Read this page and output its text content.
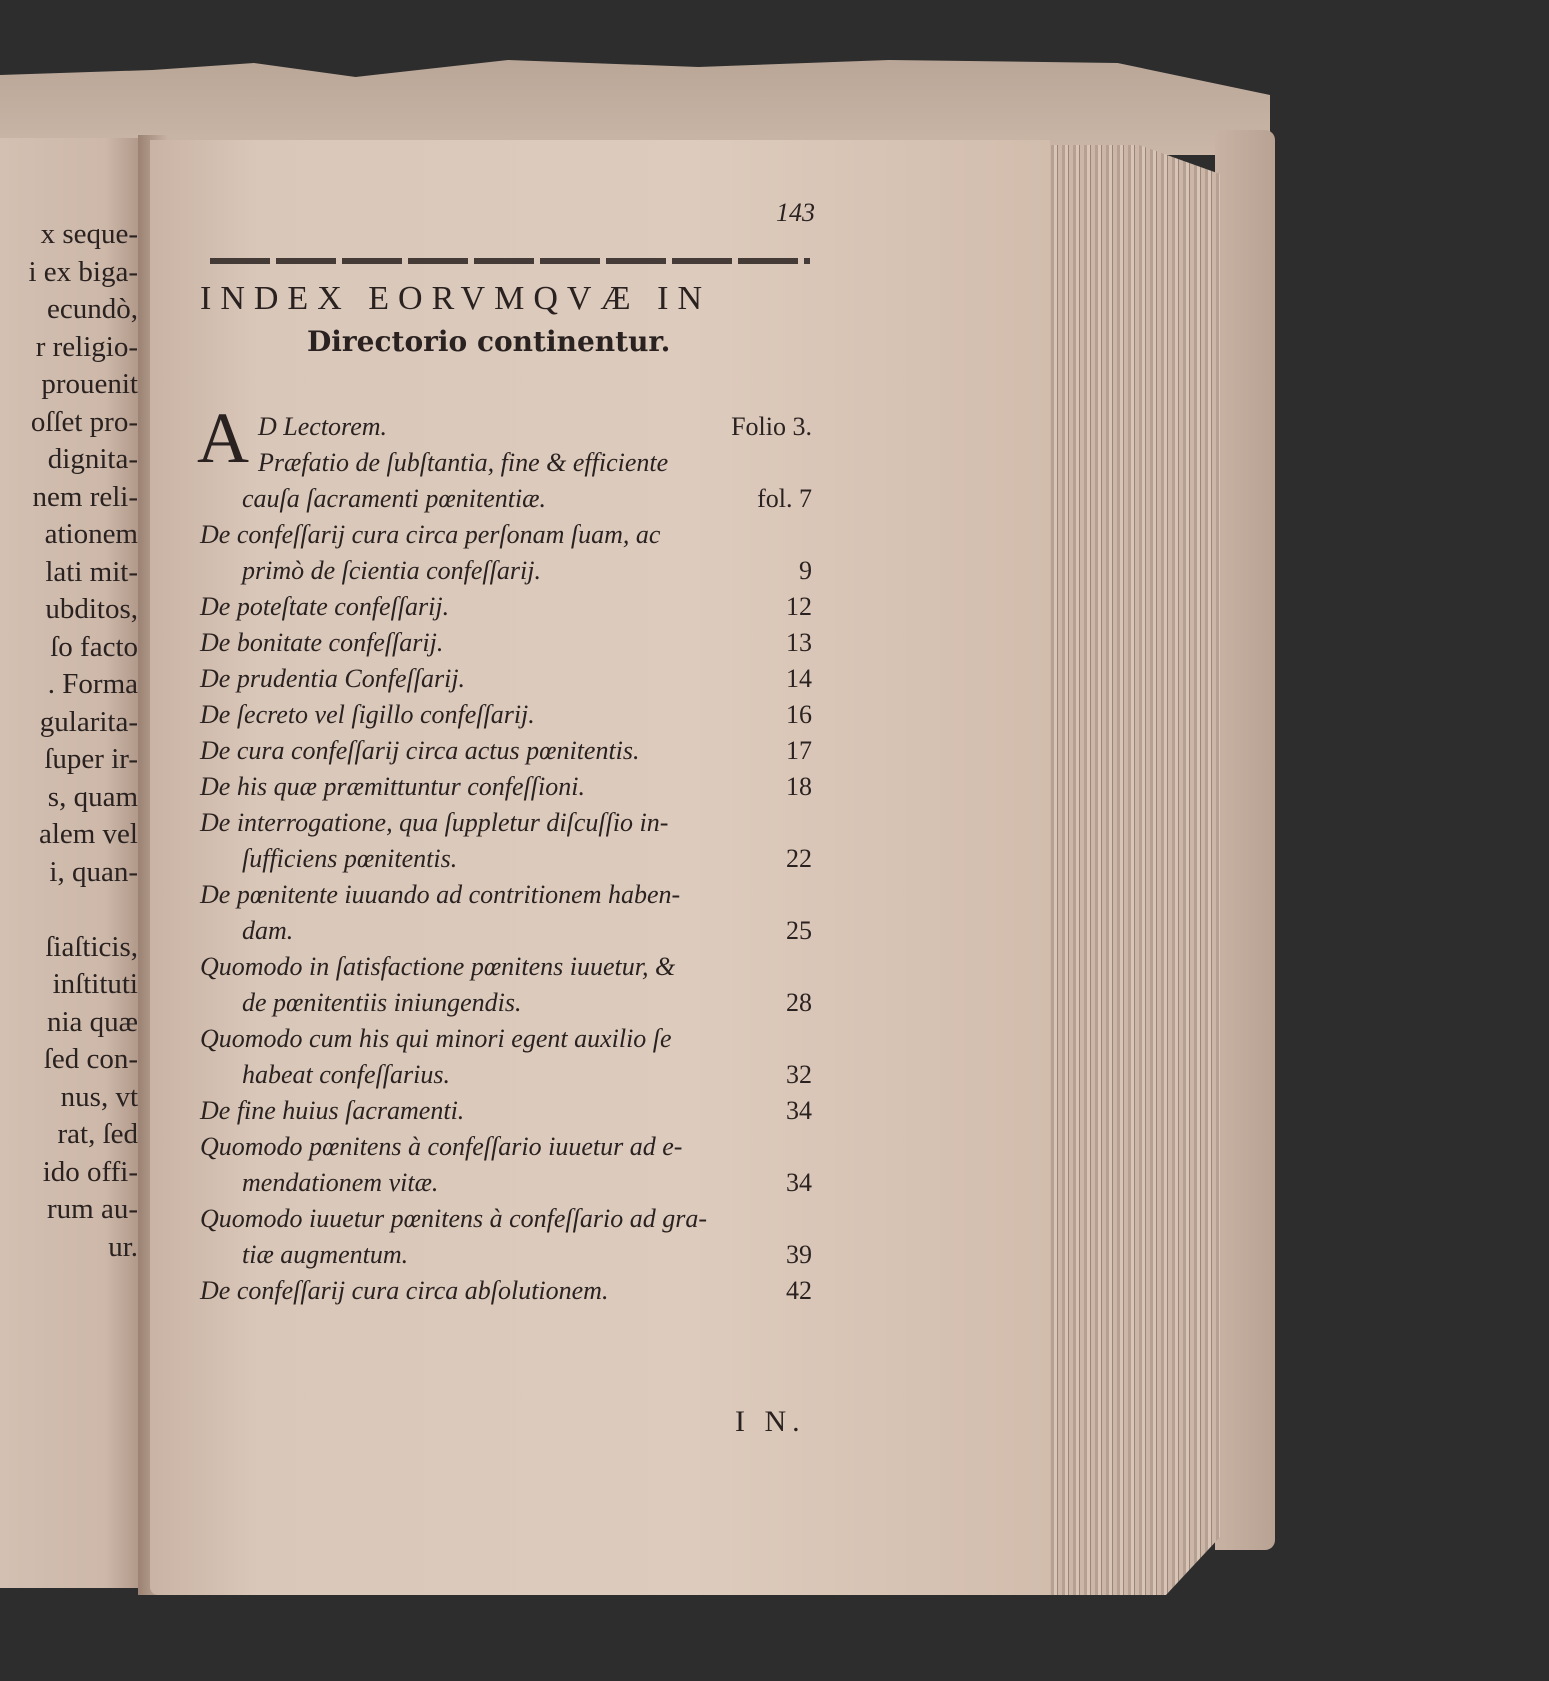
x seque-

i ex biga-

ecundò,

r religio-

prouenit

oſſet pro-

dignita-

nem reli-

ationem

lati mit-

ubditos,

ſo facto

. Forma

gularita-

ſuper ir-

s, quam

alem vel

i, quan-

ſiaſticis,

inſtituti

nia quæ

ſed con-

nus, vt

rat, ſed

ido offi-

rum au-

ur.

143
INDEX EORVMQVÆ IN
Directorio continentur.
A D Lectorem.	Folio 3.
Præfatio de ſubſtantia, fine & efficiente
cauſa ſacramenti pœnitentiæ.	fol. 7
De confeſſarij cura circa perſonam ſuam, ac
primò de ſcientia confeſſarij.	9
De poteſtate confeſſarij.	12
De bonitate confeſſarij.	13
De prudentia Confeſſarij.	14
De ſecreto vel ſigillo confeſſarij.	16
De cura confeſſarij circa actus pœnitentis.	17
De his quæ præmittuntur confeſſioni.	18
De interrogatione, qua ſuppletur diſcuſſio in-
ſufficiens pœnitentis.	22
De pœnitente iuuando ad contritionem haben-
dam.	25
Quomodo in ſatisfactione pœnitens iuuetur, &
de pœnitentiis iniungendis.	28
Quomodo cum his qui minori egent auxilio ſe
habeat confeſſarius.	32
De fine huius ſacramenti.	34
Quomodo pœnitens à confeſſario iuuetur ad e-
mendationem vitæ.	34
Quomodo iuuetur pœnitens à confeſſario ad gra-
tiæ augmentum.	39
De confeſſarij cura circa abſolutionem.	42
I N.
